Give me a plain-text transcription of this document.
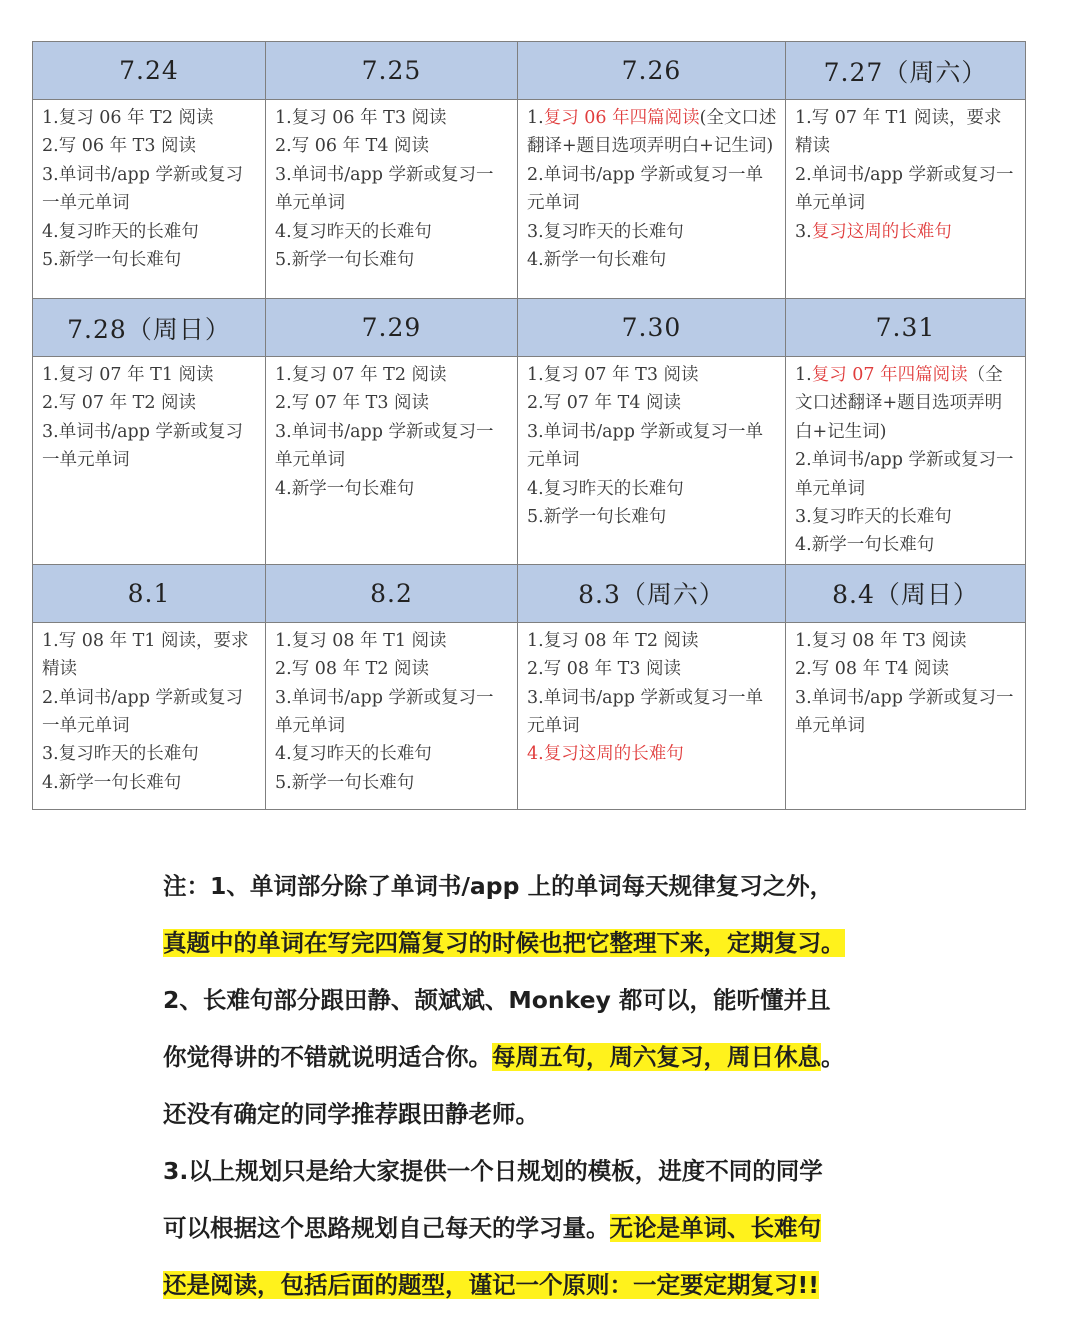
7.24	7.25	7.26	7.27（周六）

1.复习 06 年 T2 阅读
2.写 06 年 T3 阅读
3.单词书/app 学新或复习一单元单词
4.复习昨天的长难句
5.新学一句长难句	1.复习 06 年 T3 阅读
2.写 06 年 T4 阅读
3.单词书/app 学新或复习一单元单词
4.复习昨天的长难句
5.新学一句长难句	1.复习 06 年四篇阅读(全文口述翻译+题目选项弄明白+记生词)
2.单词书/app 学新或复习一单元单词
3.复习昨天的长难句
4.新学一句长难句	1.写 07 年 T1 阅读，要求精读
2.单词书/app 学新或复习一单元单词
3.复习这周的长难句

7.28（周日）	7.29	7.30	7.31

1.复习 07 年 T1 阅读
2.写 07 年 T2 阅读
3.单词书/app 学新或复习一单元单词	1.复习 07 年 T2 阅读
2.写 07 年 T3 阅读
3.单词书/app 学新或复习一单元单词
4.新学一句长难句	1.复习 07 年 T3 阅读
2.写 07 年 T4 阅读
3.单词书/app 学新或复习一单元单词
4.复习昨天的长难句
5.新学一句长难句	1.复习 07 年四篇阅读（全文口述翻译+题目选项弄明白+记生词)
2.单词书/app 学新或复习一单元单词
3.复习昨天的长难句
4.新学一句长难句

8.1	8.2	8.3（周六）	8.4（周日）

1.写 08 年 T1 阅读，要求精读
2.单词书/app 学新或复习一单元单词
3.复习昨天的长难句
4.新学一句长难句	1.复习 08 年 T1 阅读
2.写 08 年 T2 阅读
3.单词书/app 学新或复习一单元单词
4.复习昨天的长难句
5.新学一句长难句	1.复习 08 年 T2 阅读
2.写 08 年 T3 阅读
3.单词书/app 学新或复习一单元单词
4.复习这周的长难句	1.复习 08 年 T3 阅读
2.写 08 年 T4 阅读
3.单词书/app 学新或复习一单元单词
注：1、单词部分除了单词书/app 上的单词每天规律复习之外，
真题中的单词在写完四篇复习的时候也把它整理下来，定期复习。
2、长难句部分跟田静、颉斌斌、Monkey 都可以，能听懂并且
你觉得讲的不错就说明适合你。每周五句，周六复习，周日休息。
还没有确定的同学推荐跟田静老师。
3.以上规划只是给大家提供一个日规划的模板，进度不同的同学
可以根据这个思路规划自己每天的学习量。无论是单词、长难句
还是阅读，包括后面的题型，谨记一个原则：一定要定期复习!!
